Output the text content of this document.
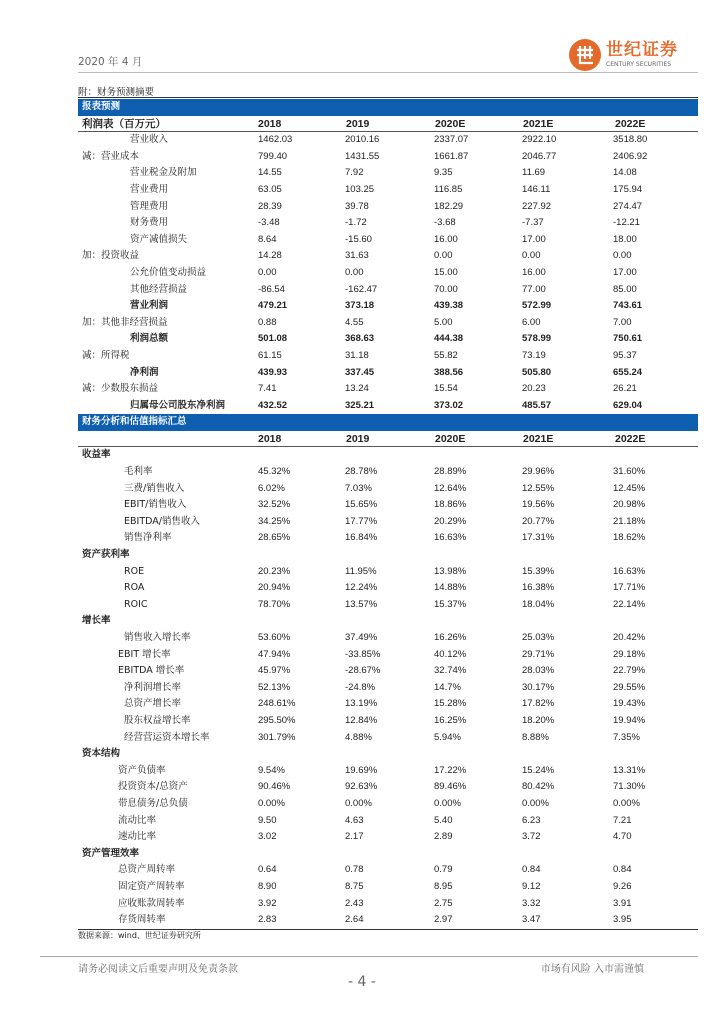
2020 年 4 月
世纪证券
CENTURY SECURITIES
附：财务预测摘要
报表预测
利润表（百万元）	2018	2019	2020E	2021E	2022E
营业收入	1462.03	2010.16	2337.07	2922.10	3518.80
减：营业成本	799.40	1431.55	1661.87	2046.77	2406.92
营业税金及附加	14.55	7.92	9.35	11.69	14.08
营业费用	63.05	103.25	116.85	146.11	175.94
管理费用	28.39	39.78	182.29	227.92	274.47
财务费用	-3.48	-1.72	-3.68	-7.37	-12.21
资产减值损失	8.64	-15.60	16.00	17.00	18.00
加：投资收益	14.28	31.63	0.00	0.00	0.00
公允价值变动损益	0.00	0.00	15.00	16.00	17.00
其他经营损益	-86.54	-162.47	70.00	77.00	85.00
营业利润	479.21	373.18	439.38	572.99	743.61
加：其他非经营损益	0.88	4.55	5.00	6.00	7.00
利润总额	501.08	368.63	444.38	578.99	750.61
减：所得税	61.15	31.18	55.82	73.19	95.37
净利润	439.93	337.45	388.56	505.80	655.24
减：少数股东损益	7.41	13.24	15.54	20.23	26.21
归属母公司股东净利润	432.52	325.21	373.02	485.57	629.04
财务分析和估值指标汇总
2018	2019	2020E	2021E	2022E
收益率
毛利率	45.32%	28.78%	28.89%	29.96%	31.60%
三费/销售收入	6.02%	7.03%	12.64%	12.55%	12.45%
EBIT/销售收入	32.52%	15.65%	18.86%	19.56%	20.98%
EBITDA/销售收入	34.25%	17.77%	20.29%	20.77%	21.18%
销售净利率	28.65%	16.84%	16.63%	17.31%	18.62%
资产获利率
ROE	20.23%	11.95%	13.98%	15.39%	16.63%
ROA	20.94%	12.24%	14.88%	16.38%	17.71%
ROIC	78.70%	13.57%	15.37%	18.04%	22.14%
增长率
销售收入增长率	53.60%	37.49%	16.26%	25.03%	20.42%
EBIT 增长率	47.94%	-33.85%	40.12%	29.71%	29.18%
EBITDA 增长率	45.97%	-28.67%	32.74%	28.03%	22.79%
净利润增长率	52.13%	-24.8%	14.7%	30.17%	29.55%
总资产增长率	248.61%	13.19%	15.28%	17.82%	19.43%
股东权益增长率	295.50%	12.84%	16.25%	18.20%	19.94%
经营营运资本增长率	301.79%	4.88%	5.94%	8.88%	7.35%
资本结构
资产负债率	9.54%	19.69%	17.22%	15.24%	13.31%
投资资本/总资产	90.46%	92.63%	89.46%	80.42%	71.30%
带息债务/总负债	0.00%	0.00%	0.00%	0.00%	0.00%
流动比率	9.50	4.63	5.40	6.23	7.21
速动比率	3.02	2.17	2.89	3.72	4.70
资产管理效率
总资产周转率	0.64	0.78	0.79	0.84	0.84
固定资产周转率	8.90	8.75	8.95	9.12	9.26
应收账款周转率	3.92	2.43	2.75	3.32	3.91
存货周转率	2.83	2.64	2.97	3.47	3.95
数据来源：wind、世纪证券研究所
请务必阅读文后重要声明及免责条款	市场有风险 入市需谨慎
- 4 -
